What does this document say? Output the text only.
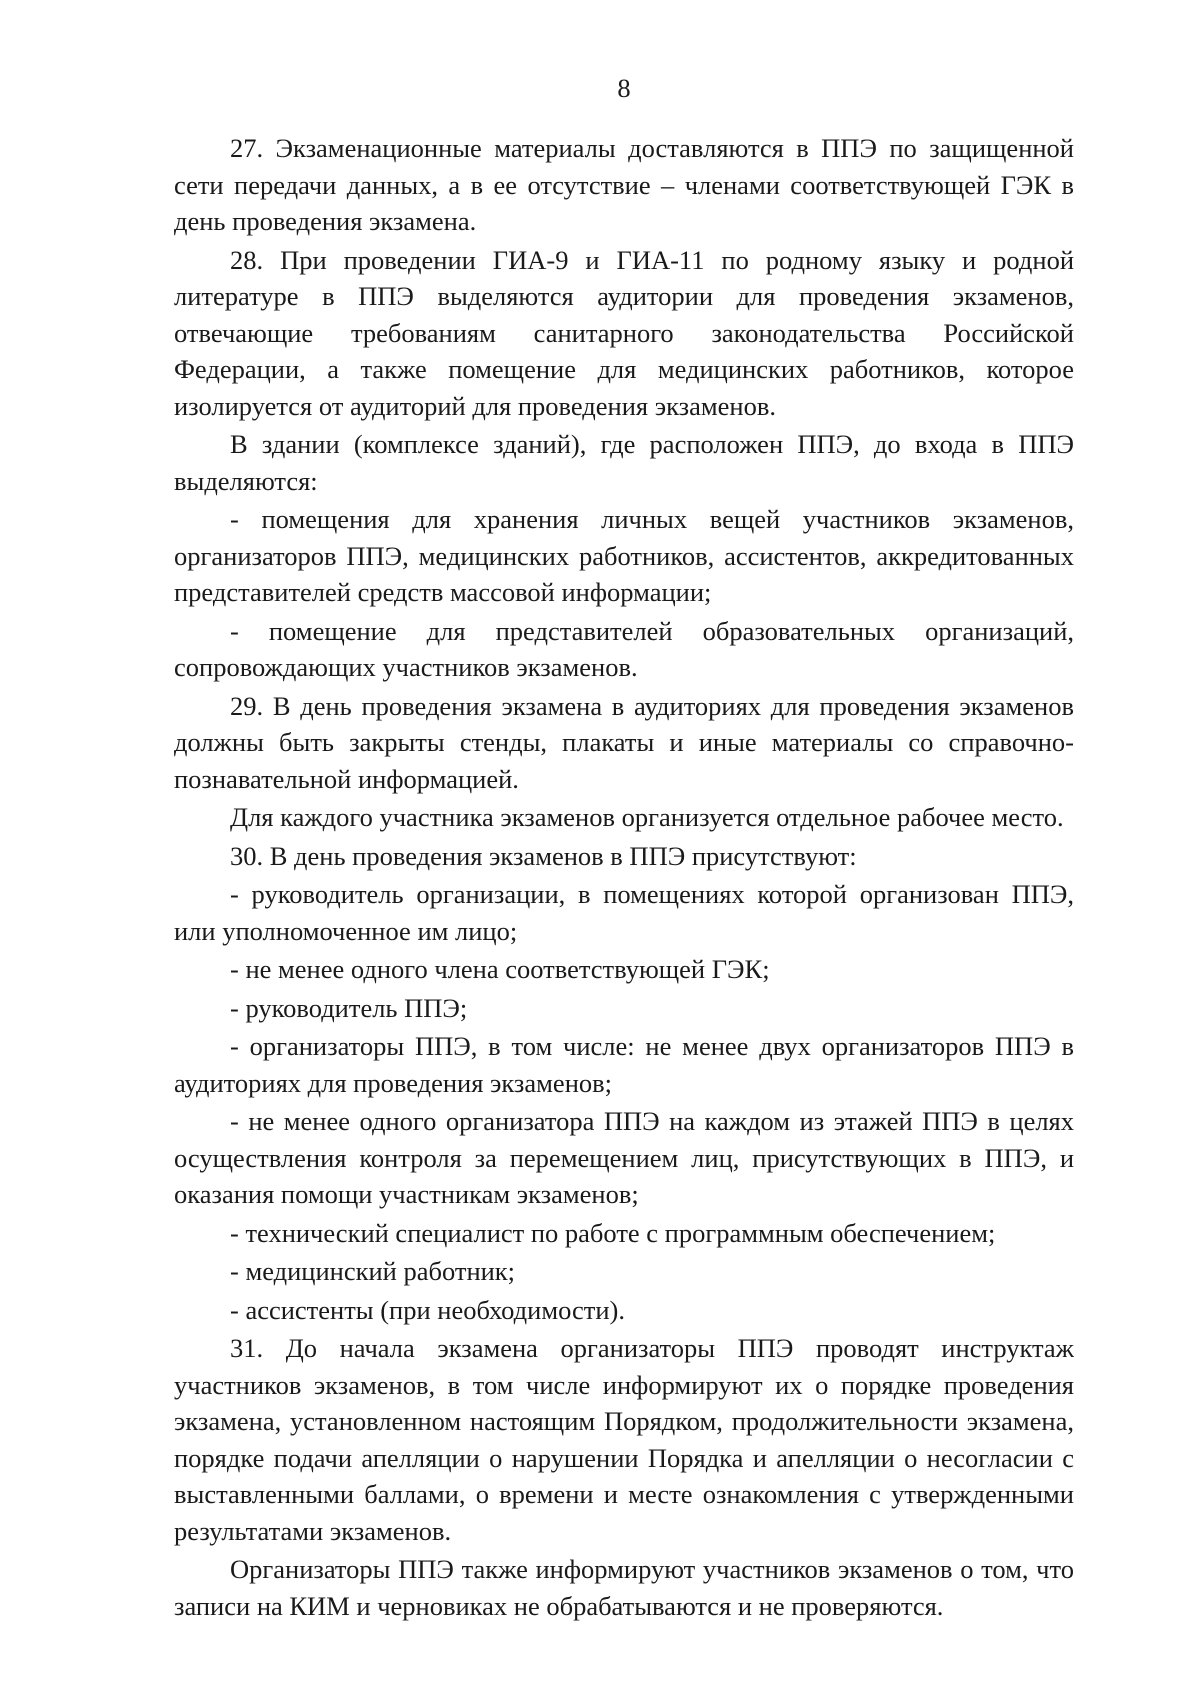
8

27. Экзаменационные материалы доставляются в ППЭ по защищенной сети передачи данных, а в ее отсутствие – членами соответствующей ГЭК в день проведения экзамена.

28. При проведении ГИА-9 и ГИА-11 по родному языку и родной литературе в ППЭ выделяются аудитории для проведения экзаменов, отвечающие требованиям санитарного законодательства Российской Федерации, а также помещение для медицинских работников, которое изолируется от аудиторий для проведения экзаменов.

В здании (комплексе зданий), где расположен ППЭ, до входа в ППЭ выделяются:

- помещения для хранения личных вещей участников экзаменов, организаторов ППЭ, медицинских работников, ассистентов, аккредитованных представителей средств массовой информации;

- помещение для представителей образовательных организаций, сопровождающих участников экзаменов.

29. В день проведения экзамена в аудиториях для проведения экзаменов должны быть закрыты стенды, плакаты и иные материалы со справочно-познавательной информацией.

Для каждого участника экзаменов организуется отдельное рабочее место.

30. В день проведения экзаменов в ППЭ присутствуют:

- руководитель организации, в помещениях которой организован ППЭ, или уполномоченное им лицо;

- не менее одного члена соответствующей ГЭК;

- руководитель ППЭ;

- организаторы ППЭ, в том числе: не менее двух организаторов ППЭ в аудиториях для проведения экзаменов;

- не менее одного организатора ППЭ на каждом из этажей ППЭ в целях осуществления контроля за перемещением лиц, присутствующих в ППЭ, и оказания помощи участникам экзаменов;

- технический специалист по работе с программным обеспечением;

- медицинский работник;

- ассистенты (при необходимости).

31. До начала экзамена организаторы ППЭ проводят инструктаж участников экзаменов, в том числе информируют их о порядке проведения экзамена, установленном настоящим Порядком, продолжительности экзамена, порядке подачи апелляции о нарушении Порядка и апелляции о несогласии с выставленными баллами, о времени и месте ознакомления с утвержденными результатами экзаменов.

Организаторы ППЭ также информируют участников экзаменов о том, что записи на КИМ и черновиках не обрабатываются и не проверяются.
